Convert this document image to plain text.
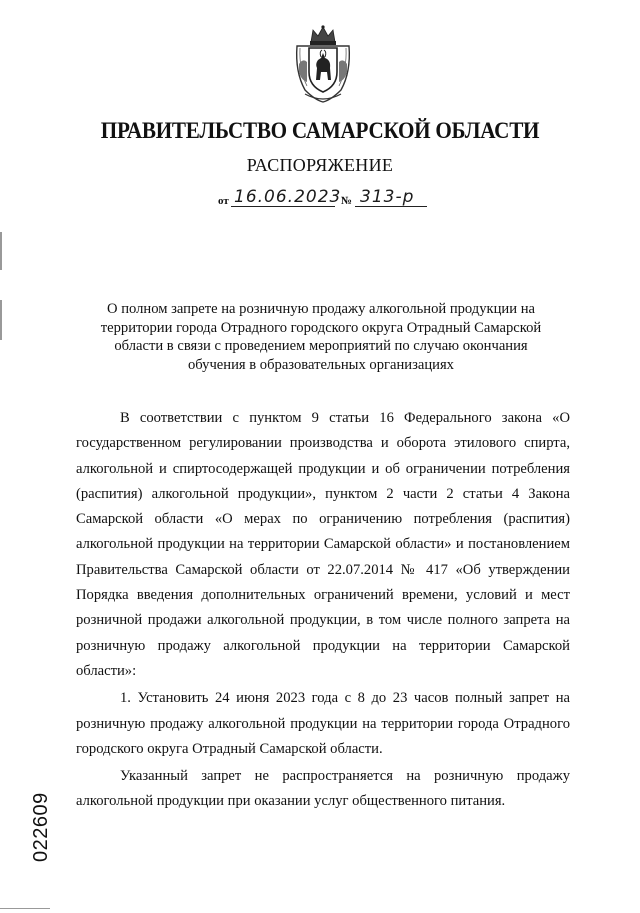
ПРАВИТЕЛЬСТВО САМАРСКОЙ ОБЛАСТИ
РАСПОРЯЖЕНИЕ
от 16.06.2023 № 313-р
О полном запрете на розничную продажу алкогольной продукции на территории города Отрадного городского округа Отрадный Самарской области в связи с проведением мероприятий по случаю окончания обучения в образовательных организациях

В соответствии с пунктом 9 статьи 16 Федерального закона «О государственном регулировании производства и оборота этилового спирта, алкогольной и спиртосодержащей продукции и об ограничении потребления (распития) алкогольной продукции», пунктом 2 части 2 статьи 4 Закона Самарской области «О мерах по ограничению потребления (распития) алкогольной продукции на территории Самарской области» и постановлением Правительства Самарской области от 22.07.2014 № 417 «Об утверждении Порядка введения дополнительных ограничений времени, условий и мест розничной продажи алкогольной продукции, в том числе полного запрета на розничную продажу алкогольной продукции на территории Самарской области»:

1. Установить 24 июня 2023 года с 8 до 23 часов полный запрет на розничную продажу алкогольной продукции на территории города Отрадного городского округа Отрадный Самарской области.

Указанный запрет не распространяется на розничную продажу алкогольной продукции при оказании услуг общественного питания.

022609
